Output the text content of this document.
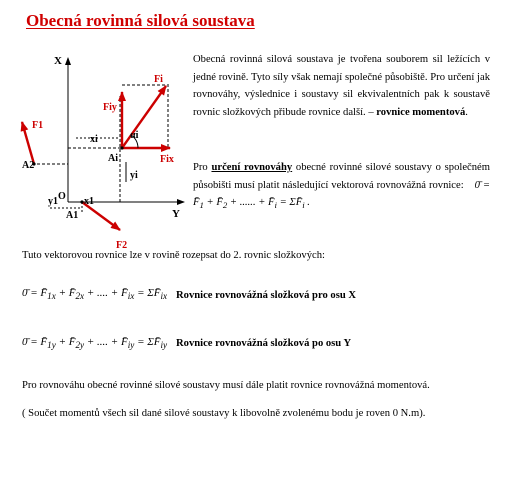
Obecná rovinná silová soustava
X
Y
O
Fi
Fiy
Fix
αi
Ai
F1
A2
xi
yi
x1
y1
A1
F2
Obecná rovinná silová soustava je tvořena souborem sil ležících v jedné rovině. Tyto síly však nemají společné působiště. Pro určení jak rovnováhy, výslednice i soustavy sil ekvivalentních pak k soustavě rovnic složkových přibude rovnice další. – rovnice momentová.
Pro určení rovnováhy obecné rovinné silové soustavy o společném působišti musí platit následující vektorová rovnovážná rovnice: 0̄ = $F̄_1$ + $F̄_2$ + ...... + $F̄_i$ = $\Sigma F̄_i$ .
Tuto vektorovou rovnice lze v rovině rozepsat do 2. rovnic složkových:
0̄ = $F̄_{1x}$ + $F̄_{2x}$ + .... + $F̄_{ix}$ = $\Sigma F̄_{ix}$ Rovnice rovnovážná složková pro osu X
0̄ = $F̄_{1y}$ + $F̄_{2y}$ + .... + $F̄_{iy}$ = $\Sigma F̄_{iy}$ Rovnice rovnovážná složková po osu Y
Pro rovnováhu obecné rovinné silové soustavy musí dále platit rovnice rovnovážná momentová.
( Součet momentů všech sil dané silové soustavy k libovolně zvolenému bodu je roven 0 N.m).
